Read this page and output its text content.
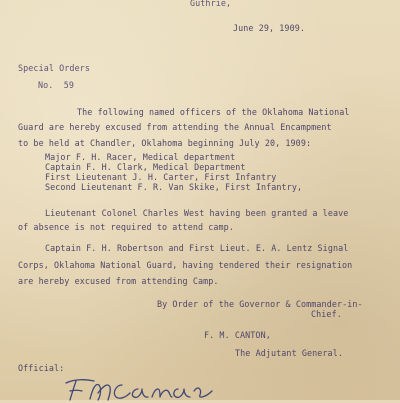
Guthrie,
June 29, 1909.
Special Orders
No.  59
The following named officers of the Oklahoma National
Guard are hereby excused from attending the Annual Encampment
to be held at Chandler, Oklahoma beginning July 20, 1909:
Major F. H. Racer, Medical department
Captain F. H. Clark, Medical Department
First Lieutenant J. H. Carter, First Infantry
Second Lieutenant F. R. Van Skike, First Infantry,
Lieutenant Colonel Charles West having been granted a leave
of absence is not required to attend camp.
Captain F. H. Robertson and First Lieut. E. A. Lentz Signal
Corps, Oklahoma National Guard, having tendered their resignation
are hereby excused from attending Camp.
By Order of the Governor & Commander-in-
Chief.
F. M. CANTON,
The Adjutant General.
Official:
